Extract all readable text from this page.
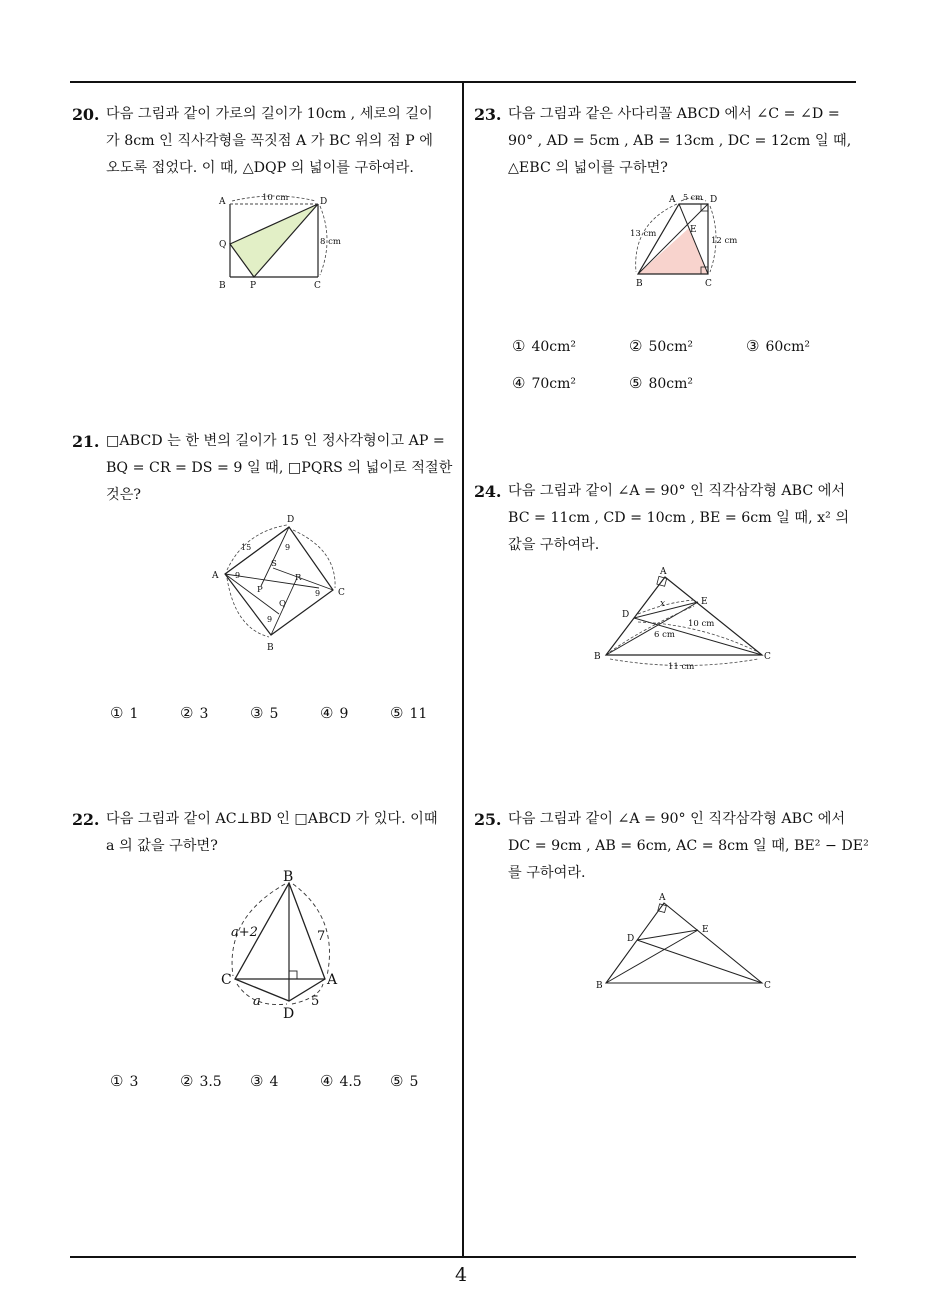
4
20. 다음 그림과 같이 가로의 길이가 10cm , 세로의 길이
가 8cm 인 직사각형을 꼭짓점 A 가 BC 위의 점 P 에
오도록 접었다. 이 때, △DQP 의 넓이를 구하여라.
A	D
Q
B	P	C
10 cm
8 cm
21. □ABCD 는 한 변의 길이가 15 인 정사각형이고 AP =
BQ = CR = DS = 9 일 때, □PQRS 의 넓이로 적절한
것은?
A
D
C
B
P
Q
R
S
15
9
9
9
9
① 1	② 3	③ 5	④ 9	⑤ 11
22. 다음 그림과 같이 AC⊥BD 인 □ABCD 가 있다. 이때
a 의 값을 구하면?
B
C	A
D
a+2	7
a	5
① 3	② 3.5 ③ 4	④ 4.5 ⑤ 5
23. 다음 그림과 같은 사다리꼴 ABCD 에서 ∠C = ∠D =
90° , AD = 5cm , AB = 13cm , DC = 12cm 일 때,
△EBC 의 넓이를 구하면?
A	D
E
B	C
5 cm
13 cm
12 cm
① 40cm²	② 50cm²	③ 60cm²
④ 70cm²	⑤ 80cm²
24. 다음 그림과 같이 ∠A = 90° 인 직각삼각형 ABC 에서
BC = 11cm , CD = 10cm , BE = 6cm 일 때, x² 의
값을 구하여라.
A
D
E
B	C
x
10 cm
6 cm
11 cm
25. 다음 그림과 같이 ∠A = 90° 인 직각삼각형 ABC 에서
DC = 9cm , AB = 6cm, AC = 8cm 일 때, BE² − DE²
를 구하여라.
A
D
E
B	C
